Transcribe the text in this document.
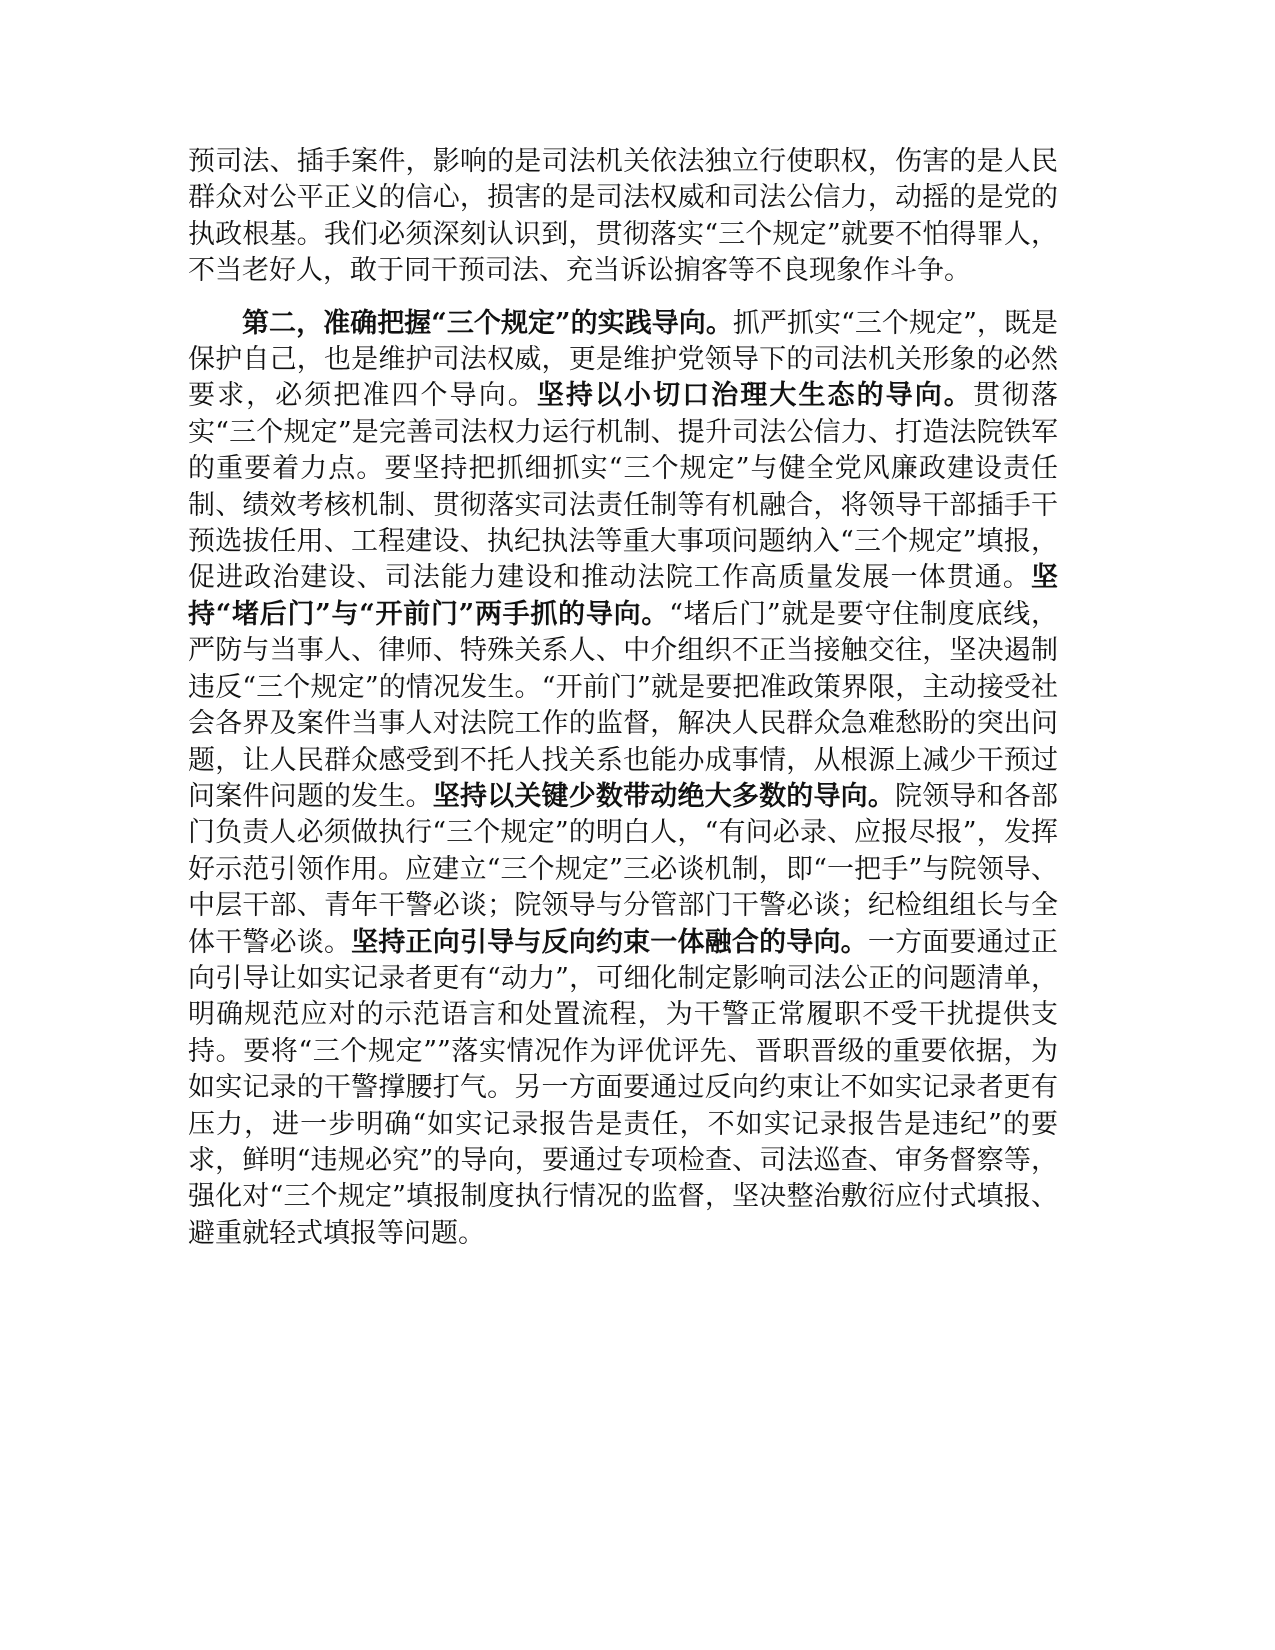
预司法、插手案件，影响的是司法机关依法独立行使职权，伤害的是人民群众对公平正义的信心，损害的是司法权威和司法公信力，动摇的是党的执政根基。我们必须深刻认识到，贯彻落实“三个规定”就要不怕得罪人，不当老好人，敢于同干预司法、充当诉讼掮客等不良现象作斗争。

第二，准确把握“三个规定”的实践导向。抓严抓实“三个规定”，既是保护自己，也是维护司法权威，更是维护党领导下的司法机关形象的必然要求，必须把准四个导向。坚持以小切口治理大生态的导向。贯彻落实“三个规定”是完善司法权力运行机制、提升司法公信力、打造法院铁军的重要着力点。要坚持把抓细抓实“三个规定”与健全党风廉政建设责任制、绩效考核机制、贯彻落实司法责任制等有机融合，将领导干部插手干预选拔任用、工程建设、执纪执法等重大事项问题纳入“三个规定”填报，促进政治建设、司法能力建设和推动法院工作高质量发展一体贯通。坚持“堵后门”与“开前门”两手抓的导向。“堵后门”就是要守住制度底线，严防与当事人、律师、特殊关系人、中介组织不正当接触交往，坚决遏制违反“三个规定”的情况发生。“开前门”就是要把准政策界限，主动接受社会各界及案件当事人对法院工作的监督，解决人民群众急难愁盼的突出问题，让人民群众感受到不托人找关系也能办成事情，从根源上减少干预过问案件问题的发生。坚持以关键少数带动绝大多数的导向。院领导和各部门负责人必须做执行“三个规定”的明白人，“有问必录、应报尽报”，发挥好示范引领作用。应建立“三个规定”三必谈机制，即“一把手”与院领导、中层干部、青年干警必谈；院领导与分管部门干警必谈；纪检组组长与全体干警必谈。坚持正向引导与反向约束一体融合的导向。一方面要通过正向引导让如实记录者更有“动力”，可细化制定影响司法公正的问题清单，明确规范应对的示范语言和处置流程，为干警正常履职不受干扰提供支持。要将“三个规定””落实情况作为评优评先、晋职晋级的重要依据，为如实记录的干警撑腰打气。另一方面要通过反向约束让不如实记录者更有压力，进一步明确“如实记录报告是责任，不如实记录报告是违纪”的要求，鲜明“违规必究”的导向，要通过专项检查、司法巡查、审务督察等，强化对“三个规定”填报制度执行情况的监督，坚决整治敷衍应付式填报、避重就轻式填报等问题。
